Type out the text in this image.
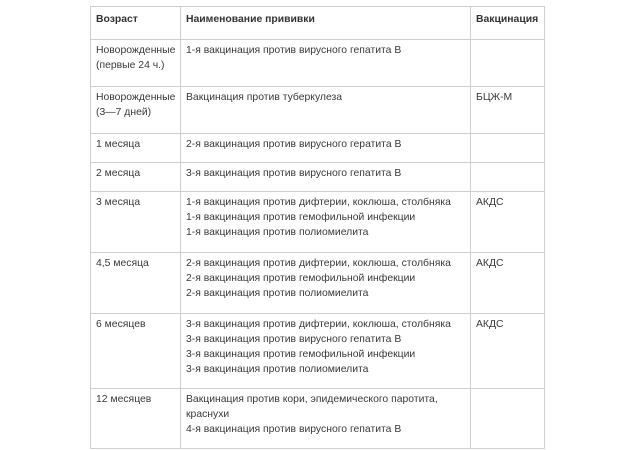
Возраст	Наименование прививки	Вакцинация

Новорожденные
(первые 24 ч.)	1-я вакцинация против вирусного гепатита В	

Новорожденные
(3—7 дней)	Вакцинация против туберкулеза	БЦЖ-М

1 месяца	2-я вакцинация против вирусного гератита В	

2 месяца	3-я вакцинация против вирусного гепатита В	

3 месяца	1-я вакцинация против дифтерии, коклюша, столбняка
1-я вакцинация против гемофильной инфекции
1-я вакцинация против полиомиелита	АКДС

4,5 месяца	2-я вакцинация против дифтерии, коклюша, столбняка
2-я вакцинация против гемофильной инфекции
2-я вакцинация против полиомиелита	АКДС

6 месяцев	3-я вакцинация против дифтерии, коклюша, столбняка
3-я вакцинация против вирусного гепатита В
3-я вакцинация против гемофильной инфекции
3-я вакцинация против полиомиелита	АКДС

12 месяцев	Вакцинация против кори, эпидемического паротита,
краснухи
4-я вакцинация против вирусного гепатита В	
